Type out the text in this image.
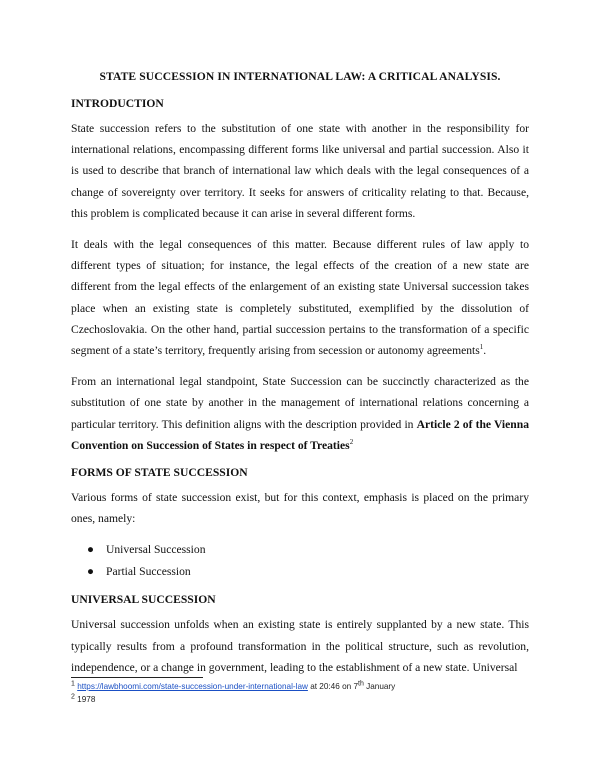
STATE SUCCESSION IN INTERNATIONAL LAW: A CRITICAL ANALYSIS.
INTRODUCTION

State succession refers to the substitution of one state with another in the responsibility for international relations, encompassing different forms like universal and partial succession. Also it is used to describe that branch of international law which deals with the legal consequences of a change of sovereignty over territory. It seeks for answers of criticality relating to that. Because, this problem is complicated because it can arise in several different forms.

It deals with the legal consequences of this matter. Because different rules of law apply to different types of situation; for instance, the legal effects of the creation of a new state are different from the legal effects of the enlargement of an existing state Universal succession takes place when an existing state is completely substituted, exemplified by the dissolution of Czechoslovakia. On the other hand, partial succession pertains to the transformation of a specific segment of a state’s territory, frequently arising from secession or autonomy agreements$^1$.

From an international legal standpoint, State Succession can be succinctly characterized as the substitution of one state by another in the management of international relations concerning a particular territory. This definition aligns with the description provided in Article 2 of the Vienna Convention on Succession of States in respect of Treaties$^2$

FORMS OF STATE SUCCESSION

Various forms of state succession exist, but for this context, emphasis is placed on the primary ones, namely:

● Universal Succession
● Partial Succession
UNIVERSAL SUCCESSION

Universal succession unfolds when an existing state is entirely supplanted by a new state. This typically results from a profound transformation in the political structure, such as revolution, independence, or a change in government, leading to the establishment of a new state. Universal

$^1$ https://lawbhoomi.com/state-succession-under-international-law at 20:46 on 7th January
$^2$ 1978
